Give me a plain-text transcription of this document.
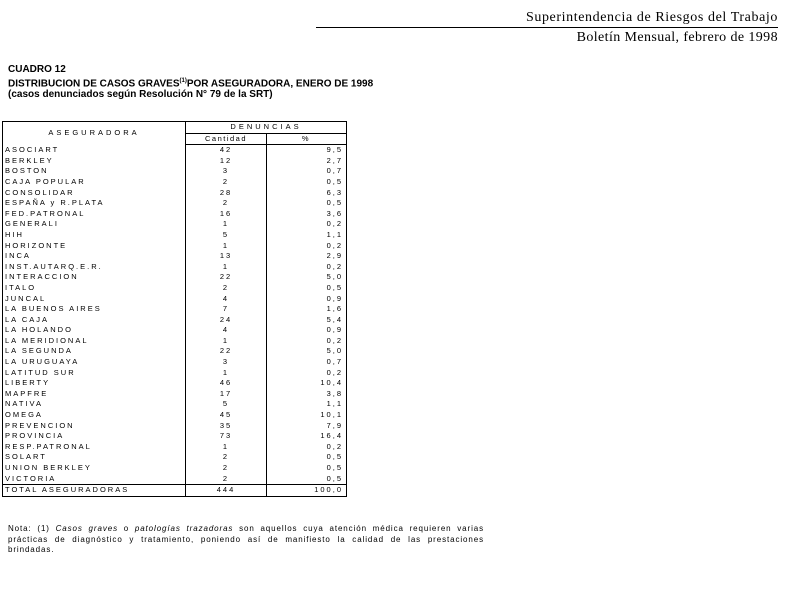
Superintendencia de Riesgos del Trabajo
Boletín Mensual, febrero de 1998
CUADRO 12
DISTRIBUCION DE CASOS GRAVES$^{(1)}$POR ASEGURADORA, ENERO DE 1998
(casos denunciados según Resolución N° 79 de la SRT)
ASEGURADORA	DENUNCIAS	
	Cantidad	%
ASOCIART	42	9,5
BERKLEY	12	2,7
BOSTON	3	0,7
CAJA POPULAR	2	0,5
CONSOLIDAR	28	6,3
ESPAÑA y R.PLATA	2	0,5
FED.PATRONAL	16	3,6
GENERALI	1	0,2
HIH	5	1,1
HORIZONTE	1	0,2
INCA	13	2,9
INST.AUTARQ.E.R.	1	0,2
INTERACCION	22	5,0
ITALO	2	0,5
JUNCAL	4	0,9
LA BUENOS AIRES	7	1,6
LA CAJA	24	5,4
LA HOLANDO	4	0,9
LA MERIDIONAL	1	0,2
LA SEGUNDA	22	5,0
LA URUGUAYA	3	0,7
LATITUD SUR	1	0,2
LIBERTY	46	10,4
MAPFRE	17	3,8
NATIVA	5	1,1
OMEGA	45	10,1
PREVENCION	35	7,9
PROVINCIA	73	16,4
RESP.PATRONAL	1	0,2
SOLART	2	0,5
UNION BERKLEY	2	0,5
VICTORIA	2	0,5
TOTAL ASEGURADORAS	444	100,0
Nota: (1) Casos graves o patologías trazadoras son aquellos cuya atención médica requieren varias prácticas de diagnóstico y tratamiento, poniendo así de manifiesto la calidad de las prestaciones brindadas.
